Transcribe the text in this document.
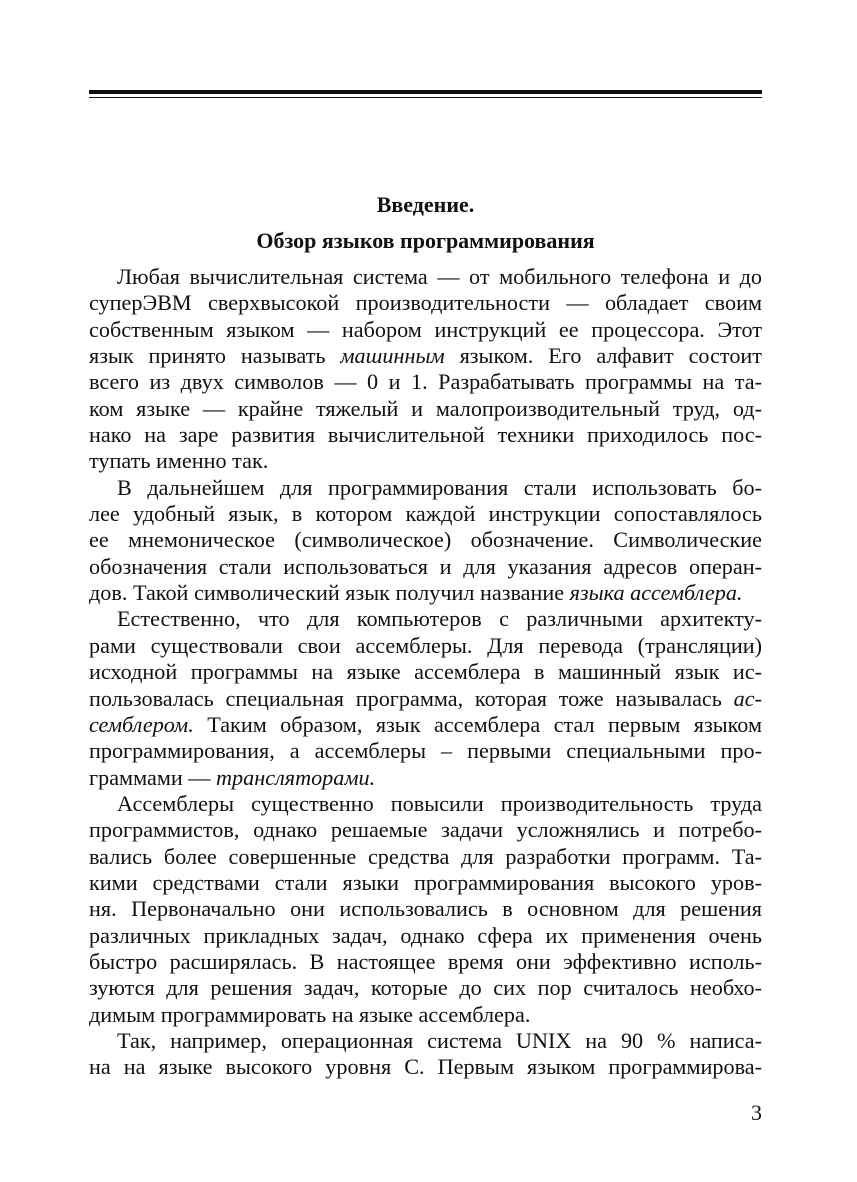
Введение.
Обзор языков программирования
Любая вычислительная система — от мобильного телефона и до
суперЭВМ сверхвысокой производительности — обладает своим
собственным языком — набором инструкций ее процессора. Этот
язык принято называть машинным языком. Его алфавит состоит
всего из двух символов — 0 и 1. Разрабатывать программы на та-
ком языке — крайне тяжелый и малопроизводительный труд, од-
нако на заре развития вычислительной техники приходилось пос-
тупать именно так.
В дальнейшем для программирования стали использовать бо-
лее удобный язык, в котором каждой инструкции сопоставлялось
ее мнемоническое (символическое) обозначение. Символические
обозначения стали использоваться и для указания адресов операн-
дов. Такой символический язык получил название языка ассемблера.
Естественно, что для компьютеров с различными архитекту-
рами существовали свои ассемблеры. Для перевода (трансляции)
исходной программы на языке ассемблера в машинный язык ис-
пользовалась специальная программа, которая тоже называлась ас-
семблером. Таким образом, язык ассемблера стал первым языком
программирования, а ассемблеры – первыми специальными про-
граммами — трансляторами.
Ассемблеры существенно повысили производительность труда
программистов, однако решаемые задачи усложнялись и потребо-
вались более совершенные средства для разработки программ. Та-
кими средствами стали языки программирования высокого уров-
ня. Первоначально они использовались в основном для решения
различных прикладных задач, однако сфера их применения очень
быстро расширялась. В настоящее время они эффективно исполь-
зуются для решения задач, которые до сих пор считалось необхо-
димым программировать на языке ассемблера.
Так, например, операционная система UNIX на 90 % написа-
на на языке высокого уровня С. Первым языком программирова-
3
